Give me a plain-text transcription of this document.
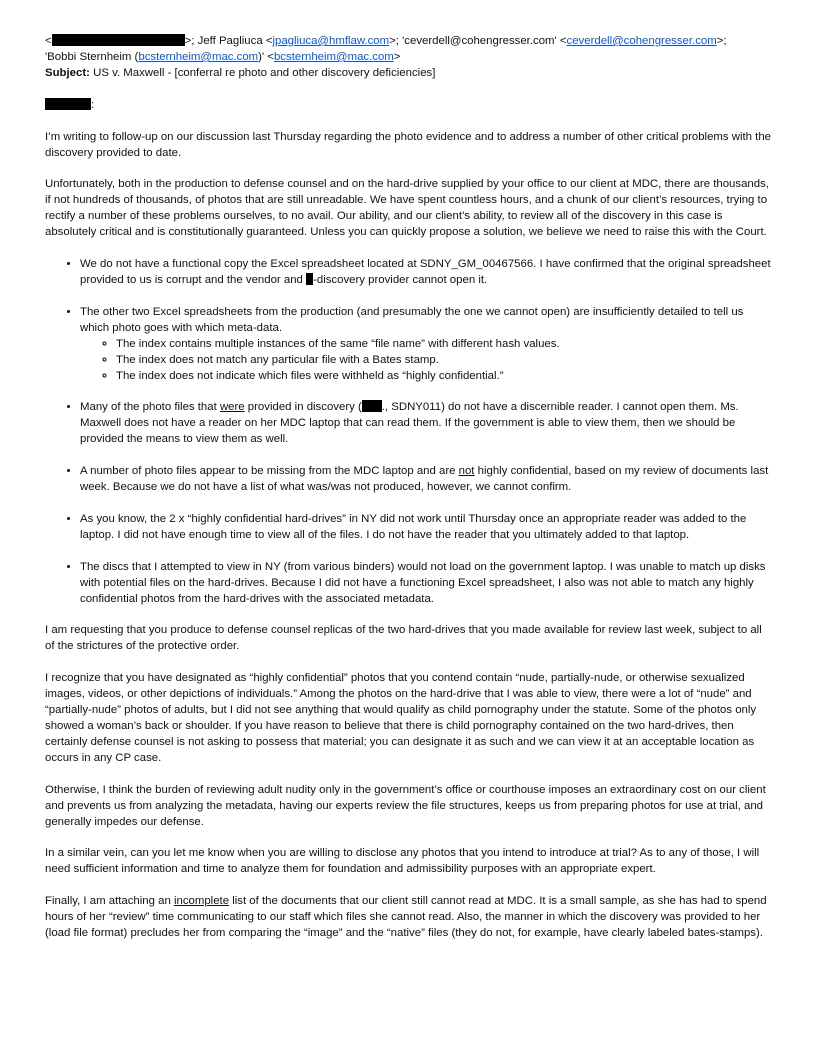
<	>; Jeff Pagliuca <jpagliuca@hmflaw.com>; 'ceverdell@cohengresser.com' <ceverdell@cohengresser.com>;

'Bobbi Sternheim (bcsternheim@mac.com)' <bcsternheim@mac.com>

Subject: US v. Maxwell - [conferral re photo and other discovery deficiencies]

:

I’m writing to follow-up on our discussion last Thursday regarding the photo evidence and to address a number of other critical problems with the discovery provided to date.

Unfortunately, both in the production to defense counsel and on the hard-drive supplied by your office to our client at MDC, there are thousands, if not hundreds of thousands, of photos that are still unreadable. We have spent countless hours, and a chunk of our client’s resources, trying to rectify a number of these problems ourselves, to no avail. Our ability, and our client’s ability, to review all of the discovery in this case is absolutely critical and is constitutionally guaranteed. Unless you can quickly propose a solution, we believe we need to raise this with the Court.

• We do not have a functional copy the Excel spreadsheet located at SDNY_GM_00467566. I have confirmed that the original spreadsheet provided to us is corrupt and the vendor and -discovery provider cannot open it.
• The other two Excel spreadsheets from the production (and presumably the one we cannot open) are insufficiently detailed to tell us which photo goes with which meta-data.
◦ The index contains multiple instances of the same “file name” with different hash values.
◦ The index does not match any particular file with a Bates stamp.
◦ The index does not indicate which files were withheld as “highly confidential.”
• Many of the photo files that were provided in discovery ( ., SDNY011) do not have a discernible reader. I cannot open them. Ms. Maxwell does not have a reader on her MDC laptop that can read them. If the government is able to view them, then we should be provided the means to view them as well.
• A number of photo files appear to be missing from the MDC laptop and are not highly confidential, based on my review of documents last week. Because we do not have a list of what was/was not produced, however, we cannot confirm.
• As you know, the 2 x “highly confidential hard-drives” in NY did not work until Thursday once an appropriate reader was added to the laptop. I did not have enough time to view all of the files. I do not have the reader that you ultimately added to that laptop.
• The discs that I attempted to view in NY (from various binders) would not load on the government laptop. I was unable to match up disks with potential files on the hard-drives. Because I did not have a functioning Excel spreadsheet, I also was not able to match any highly confidential photos from the hard-drives with the associated metadata.

I am requesting that you produce to defense counsel replicas of the two hard-drives that you made available for review last week, subject to all of the strictures of the protective order.

I recognize that you have designated as “highly confidential” photos that you contend contain “nude, partially-nude, or otherwise sexualized images, videos, or other depictions of individuals.” Among the photos on the hard-drive that I was able to view, there were a lot of “nude” and “partially-nude” photos of adults, but I did not see anything that would qualify as child pornography under the statute. Some of the photos only showed a woman’s back or shoulder. If you have reason to believe that there is child pornography contained on the two hard-drives, then certainly defense counsel is not asking to possess that material; you can designate it as such and we can view it at an acceptable location as occurs in any CP case.

Otherwise, I think the burden of reviewing adult nudity only in the government’s office or courthouse imposes an extraordinary cost on our client and prevents us from analyzing the metadata, having our experts review the file structures, keeps us from preparing photos for use at trial, and generally impedes our defense.

In a similar vein, can you let me know when you are willing to disclose any photos that you intend to introduce at trial? As to any of those, I will need sufficient information and time to analyze them for foundation and admissibility purposes with an appropriate expert.

Finally, I am attaching an incomplete list of the documents that our client still cannot read at MDC. It is a small sample, as she has had to spend hours of her “review” time communicating to our staff which files she cannot read. Also, the manner in which the discovery was provided to her (load file format) precludes her from comparing the “image” and the “native” files (they do not, for example, have clearly labeled bates-stamps).
